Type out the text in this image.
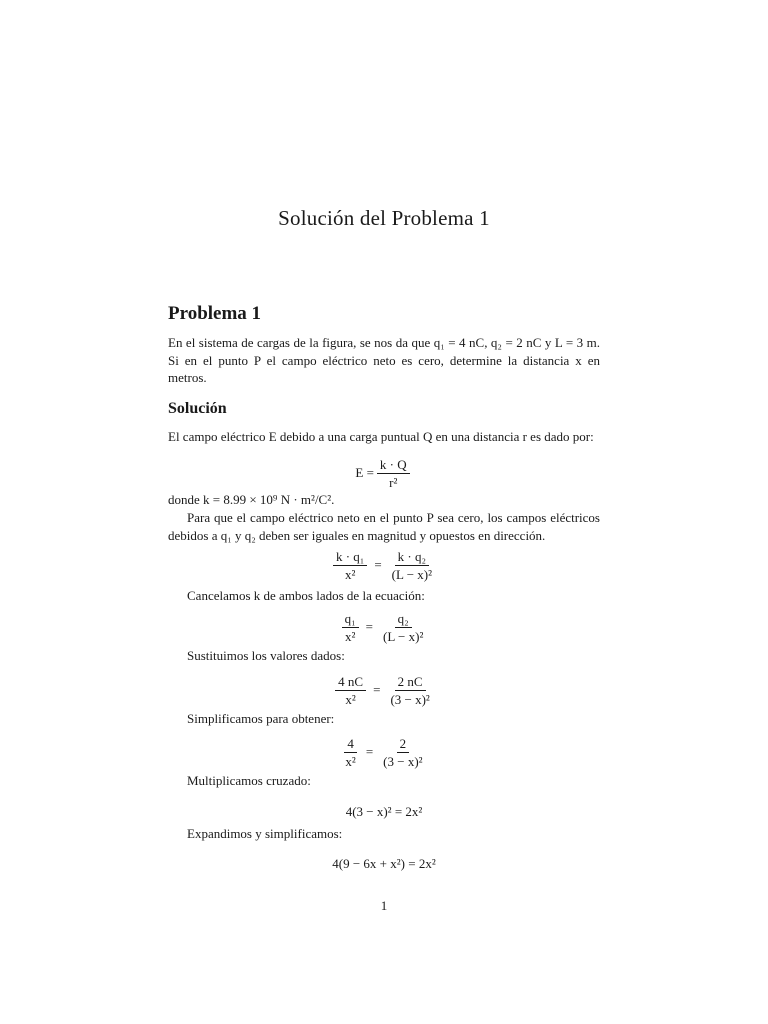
Solución del Problema 1
Problema 1
En el sistema de cargas de la figura, se nos da que q₁ = 4 nC, q₂ = 2 nC y L = 3 m. Si en el punto P el campo eléctrico neto es cero, determine la distancia x en metros.
Solución
El campo eléctrico E debido a una carga puntual Q en una distancia r es dado por:
$E = \frac{k \cdot Q}{\text{r²}}$
donde k = 8.99 × 10⁹ N · m²/C².
Para que el campo eléctrico neto en el punto P sea cero, los campos eléctricos debidos a q₁ y q₂ deben ser iguales en magnitud y opuestos en dirección.
$\frac{\text{k · q₁}}{\text{x²}} = \frac{\text{k · q₂}}{\text{(L − x)²}}$
Cancelamos k de ambos lados de la ecuación:
$\frac{\text{q₁}}{\text{x²}} = \frac{\text{q₂}}{\text{(L − x)²}}$
Sustituimos los valores dados:
$\frac{4 nC}{\text{x²}} = \frac{2 nC}{\text{(3 − x)²}}$
Simplificamos para obtener:
$\frac{4}{\text{x²}} = \frac{2}{\text{(3 − x)²}}$
Multiplicamos cruzado:
4(3 − x)² = 2x²
Expandimos y simplificamos:
4(9 − 6x + x²) = 2x²
1
